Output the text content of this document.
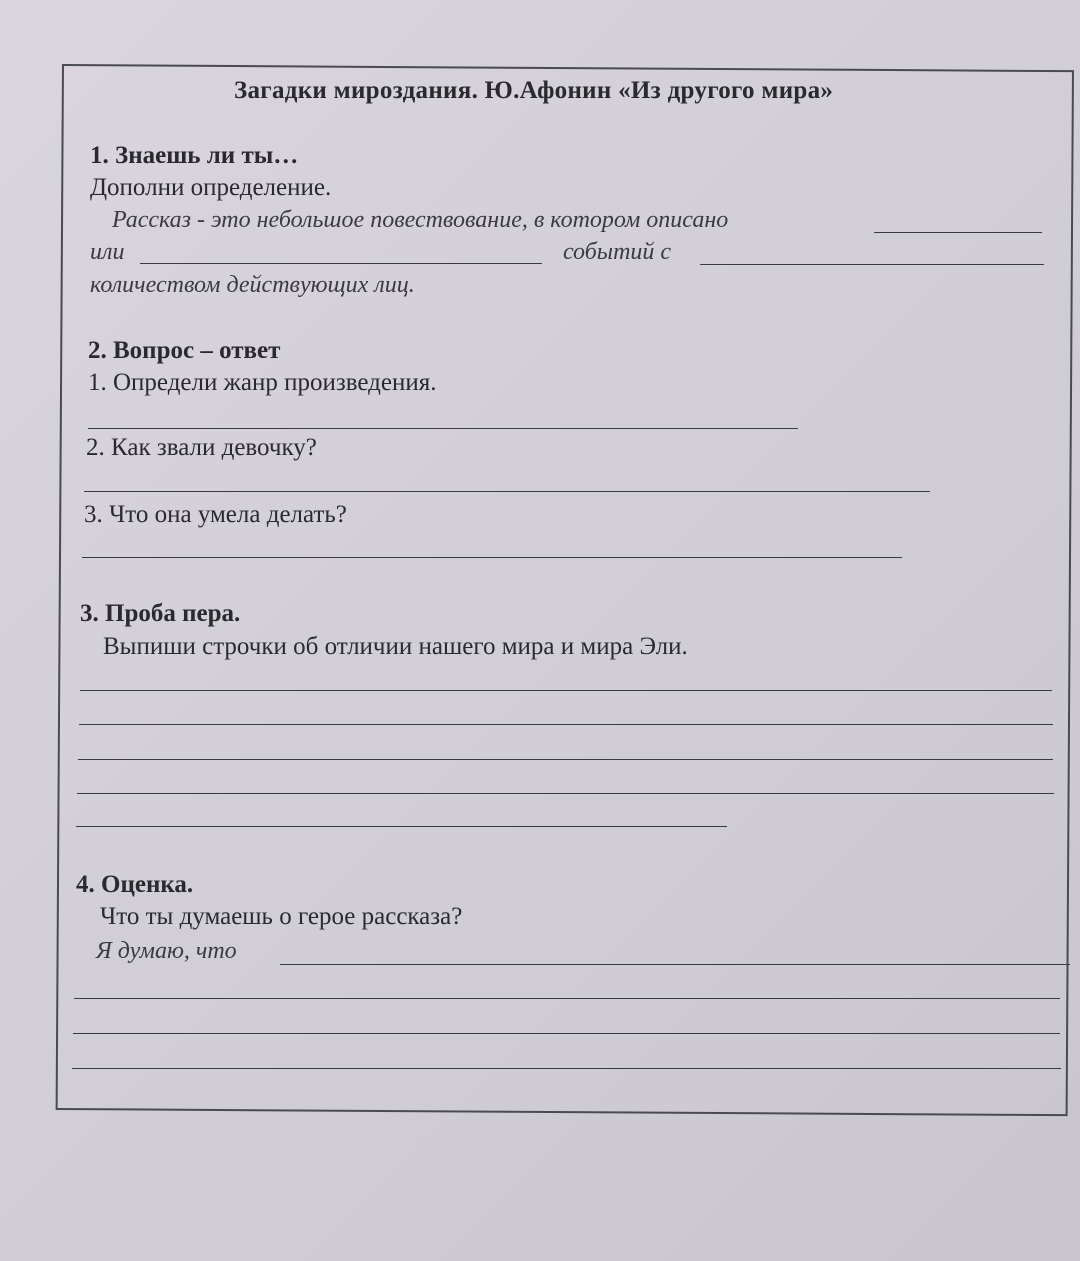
Загадки мироздания. Ю.Афонин «Из другого мира»
1. Знаешь ли ты…
Дополни определение.
Рассказ - это небольшое повествование, в котором описано
или	событий с
количеством действующих лиц.
2. Вопрос – ответ
1. Определи жанр произведения.
2. Как звали девочку?
3. Что она умела делать?
3. Проба пера.
Выпиши строчки об отличии нашего мира и мира Эли.
4. Оценка.
Что ты думаешь о герое рассказа?
Я думаю, что
